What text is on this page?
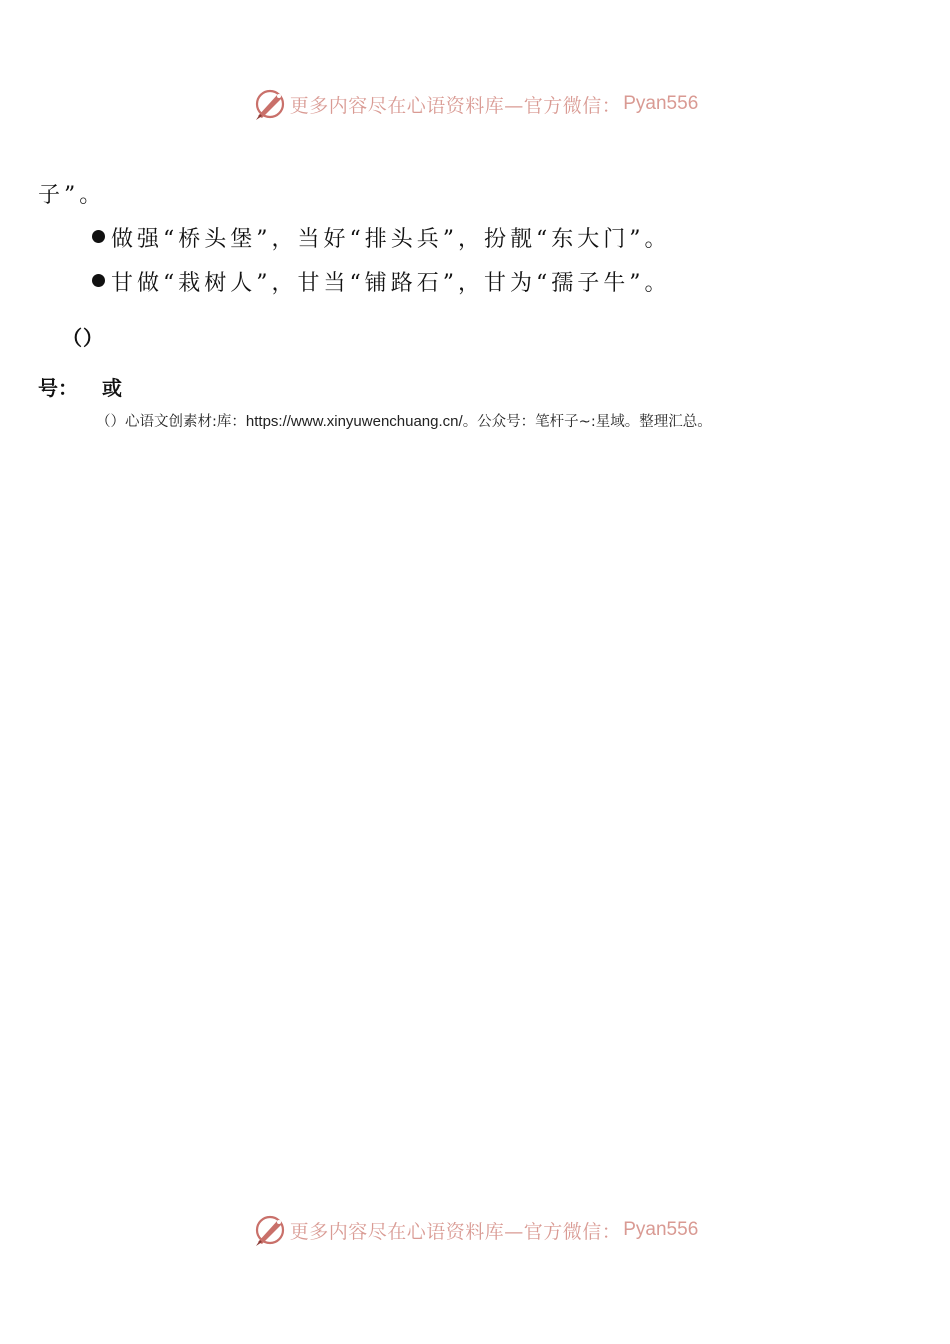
更多内容尽在心语资料库—官方微信： Pyan556
子”。
做强“桥头堡”，当好“排头兵”，扮靓“东大门”。
甘做“栽树人”，甘当“铺路石”，甘为“孺子牛”。
（）
号： 或
（）心语文创素材:库：https://www.xinyuwenchuang.cn/。公众号：笔杆子~:星域。整理汇总。
更多内容尽在心语资料库—官方微信： Pyan556
